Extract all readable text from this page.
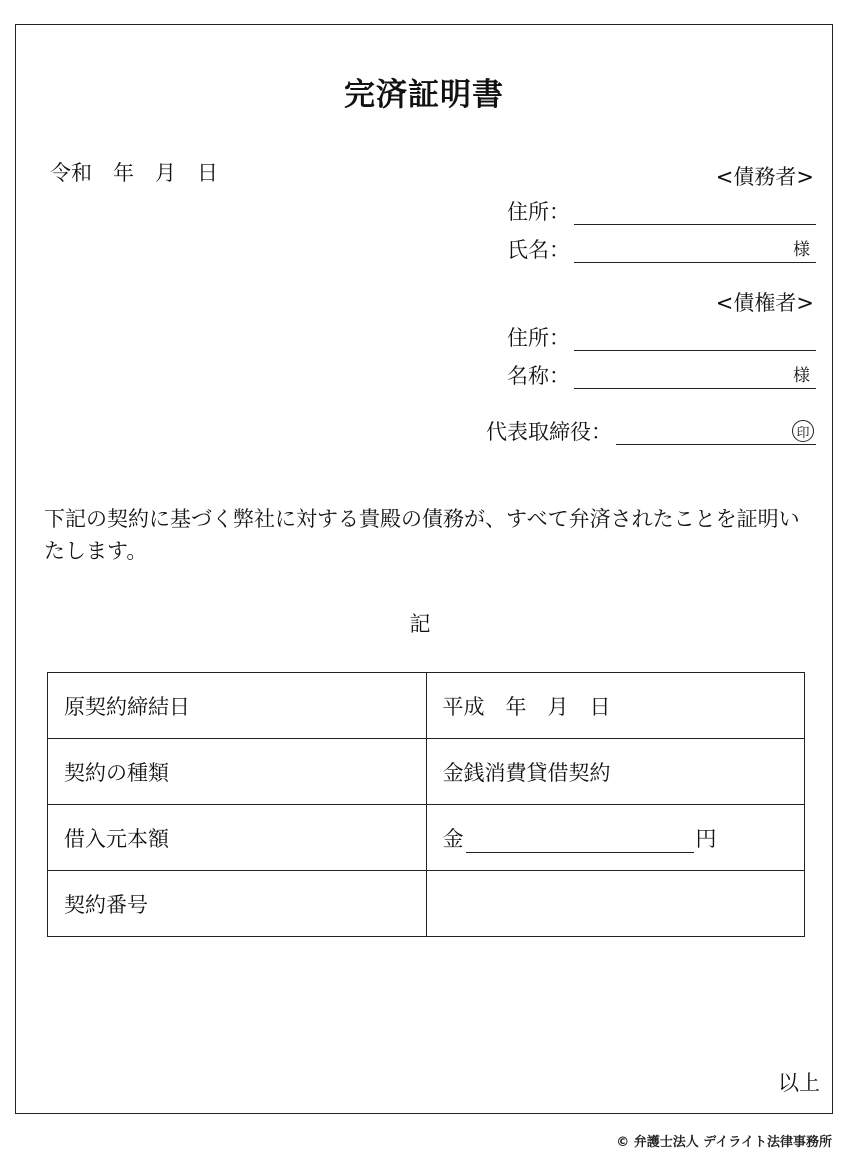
完済証明書
令和　年　月　日	<債務者>
住所：
氏名：	様
<債権者>
住所：
名称：	様
代表取締役：	印
下記の契約に基づく弊社に対する貴殿の債務が、すべて弁済されたことを証明いたします。
記
原契約締結日	平成　年　月　日
契約の種類	金銭消費貸借契約
借入元本額	金 円

契約番号	
以上
© 弁護士法人 デイライト法律事務所
